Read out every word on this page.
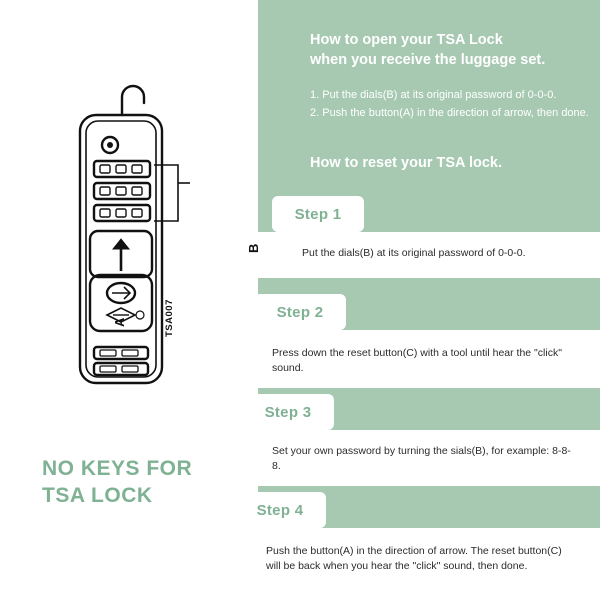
How to open your TSA Lock
when you receive the luggage set.
1. Put the dials(B) at its original password of 0-0-0.
2. Push the button(A) in the direction of arrow, then done.
How to reset your TSA lock.
Step 1
Put the dials(B) at its original password of 0-0-0.
Step 2
Press down the reset button(C) with a tool until hear the "click" sound.
Step 3
Set your own password by turning the sials(B), for example: 8-8-8.
Step 4
Push the button(A) in the direction of arrow. The reset button(C) will be back when you hear the "click" sound, then done.
A
B
TSA007
NO KEYS FOR
TSA LOCK
